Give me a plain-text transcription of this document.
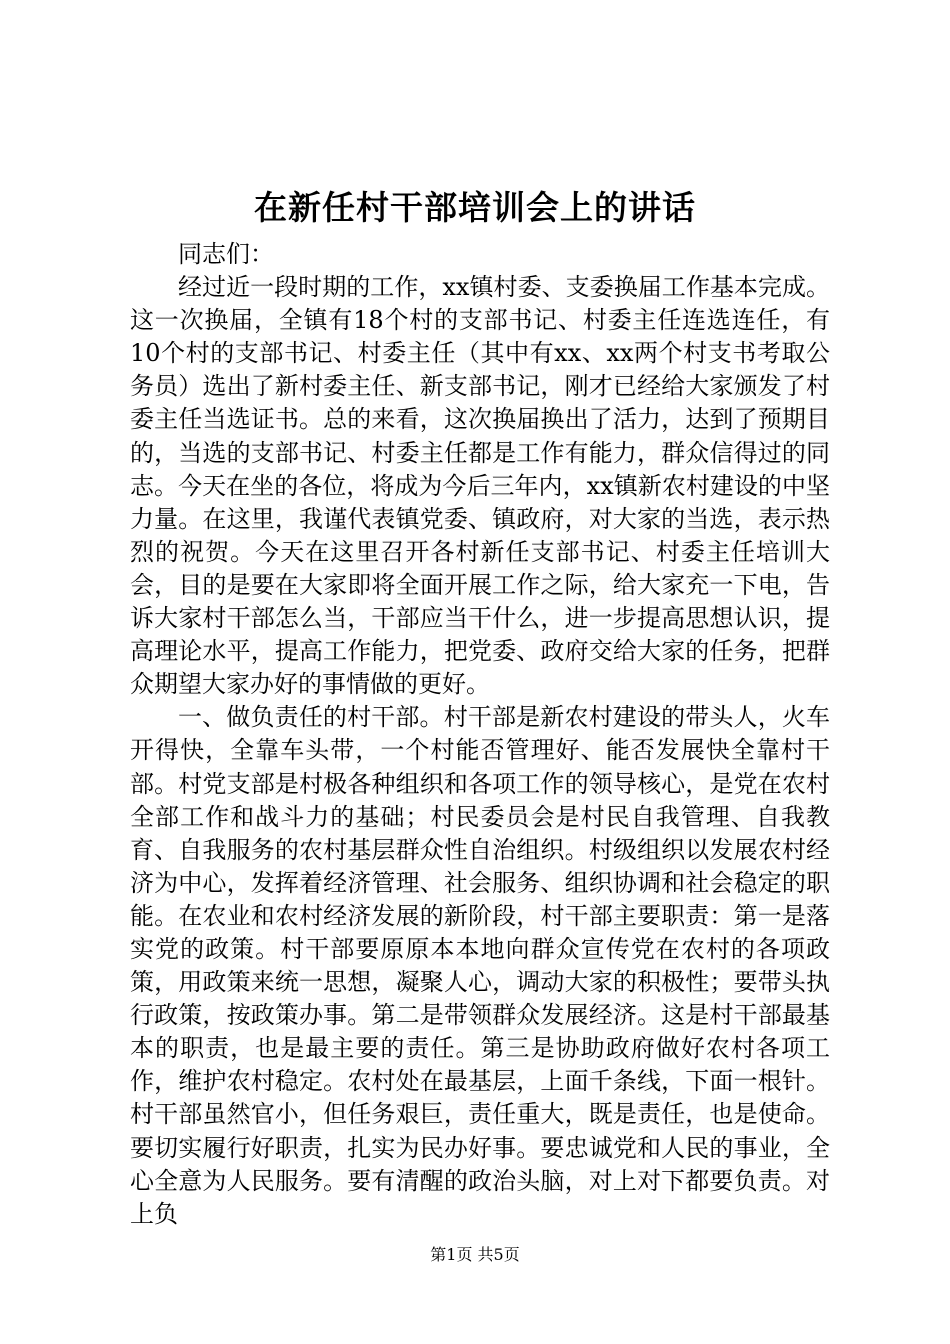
在新任村干部培训会上的讲话

同志们：

经过近一段时期的工作，xx镇村委、支委换届工作基本完成。这一次换届，全镇有18个村的支部书记、村委主任连选连任，有10个村的支部书记、村委主任（其中有xx、xx两个村支书考取公务员）选出了新村委主任、新支部书记，刚才已经给大家颁发了村委主任当选证书。总的来看，这次换届换出了活力，达到了预期目的，当选的支部书记、村委主任都是工作有能力，群众信得过的同志。今天在坐的各位，将成为今后三年内，xx镇新农村建设的中坚力量。在这里，我谨代表镇党委、镇政府，对大家的当选，表示热烈的祝贺。今天在这里召开各村新任支部书记、村委主任培训大会，目的是要在大家即将全面开展工作之际，给大家充一下电，告诉大家村干部怎么当，干部应当干什么，进一步提高思想认识，提高理论水平，提高工作能力，把党委、政府交给大家的任务，把群众期望大家办好的事情做的更好。

一、做负责任的村干部。村干部是新农村建设的带头人，火车开得快，全靠车头带，一个村能否管理好、能否发展快全靠村干部。村党支部是村极各种组织和各项工作的领导核心，是党在农村全部工作和战斗力的基础；村民委员会是村民自我管理、自我教育、自我服务的农村基层群众性自治组织。村级组织以发展农村经济为中心，发挥着经济管理、社会服务、组织协调和社会稳定的职能。在农业和农村经济发展的新阶段，村干部主要职责：第一是落实党的政策。村干部要原原本本地向群众宣传党在农村的各项政策，用政策来统一思想，凝聚人心，调动大家的积极性；要带头执行政策，按政策办事。第二是带领群众发展经济。这是村干部最基本的职责，也是最主要的责任。第三是协助政府做好农村各项工作，维护农村稳定。农村处在最基层，上面千条线，下面一根针。村干部虽然官小，但任务艰巨，责任重大，既是责任，也是使命。要切实履行好职责，扎实为民办好事。要忠诚党和人民的事业，全心全意为人民服务。要有清醒的政治头脑，对上对下都要负责。对上负

第1页 共5页
